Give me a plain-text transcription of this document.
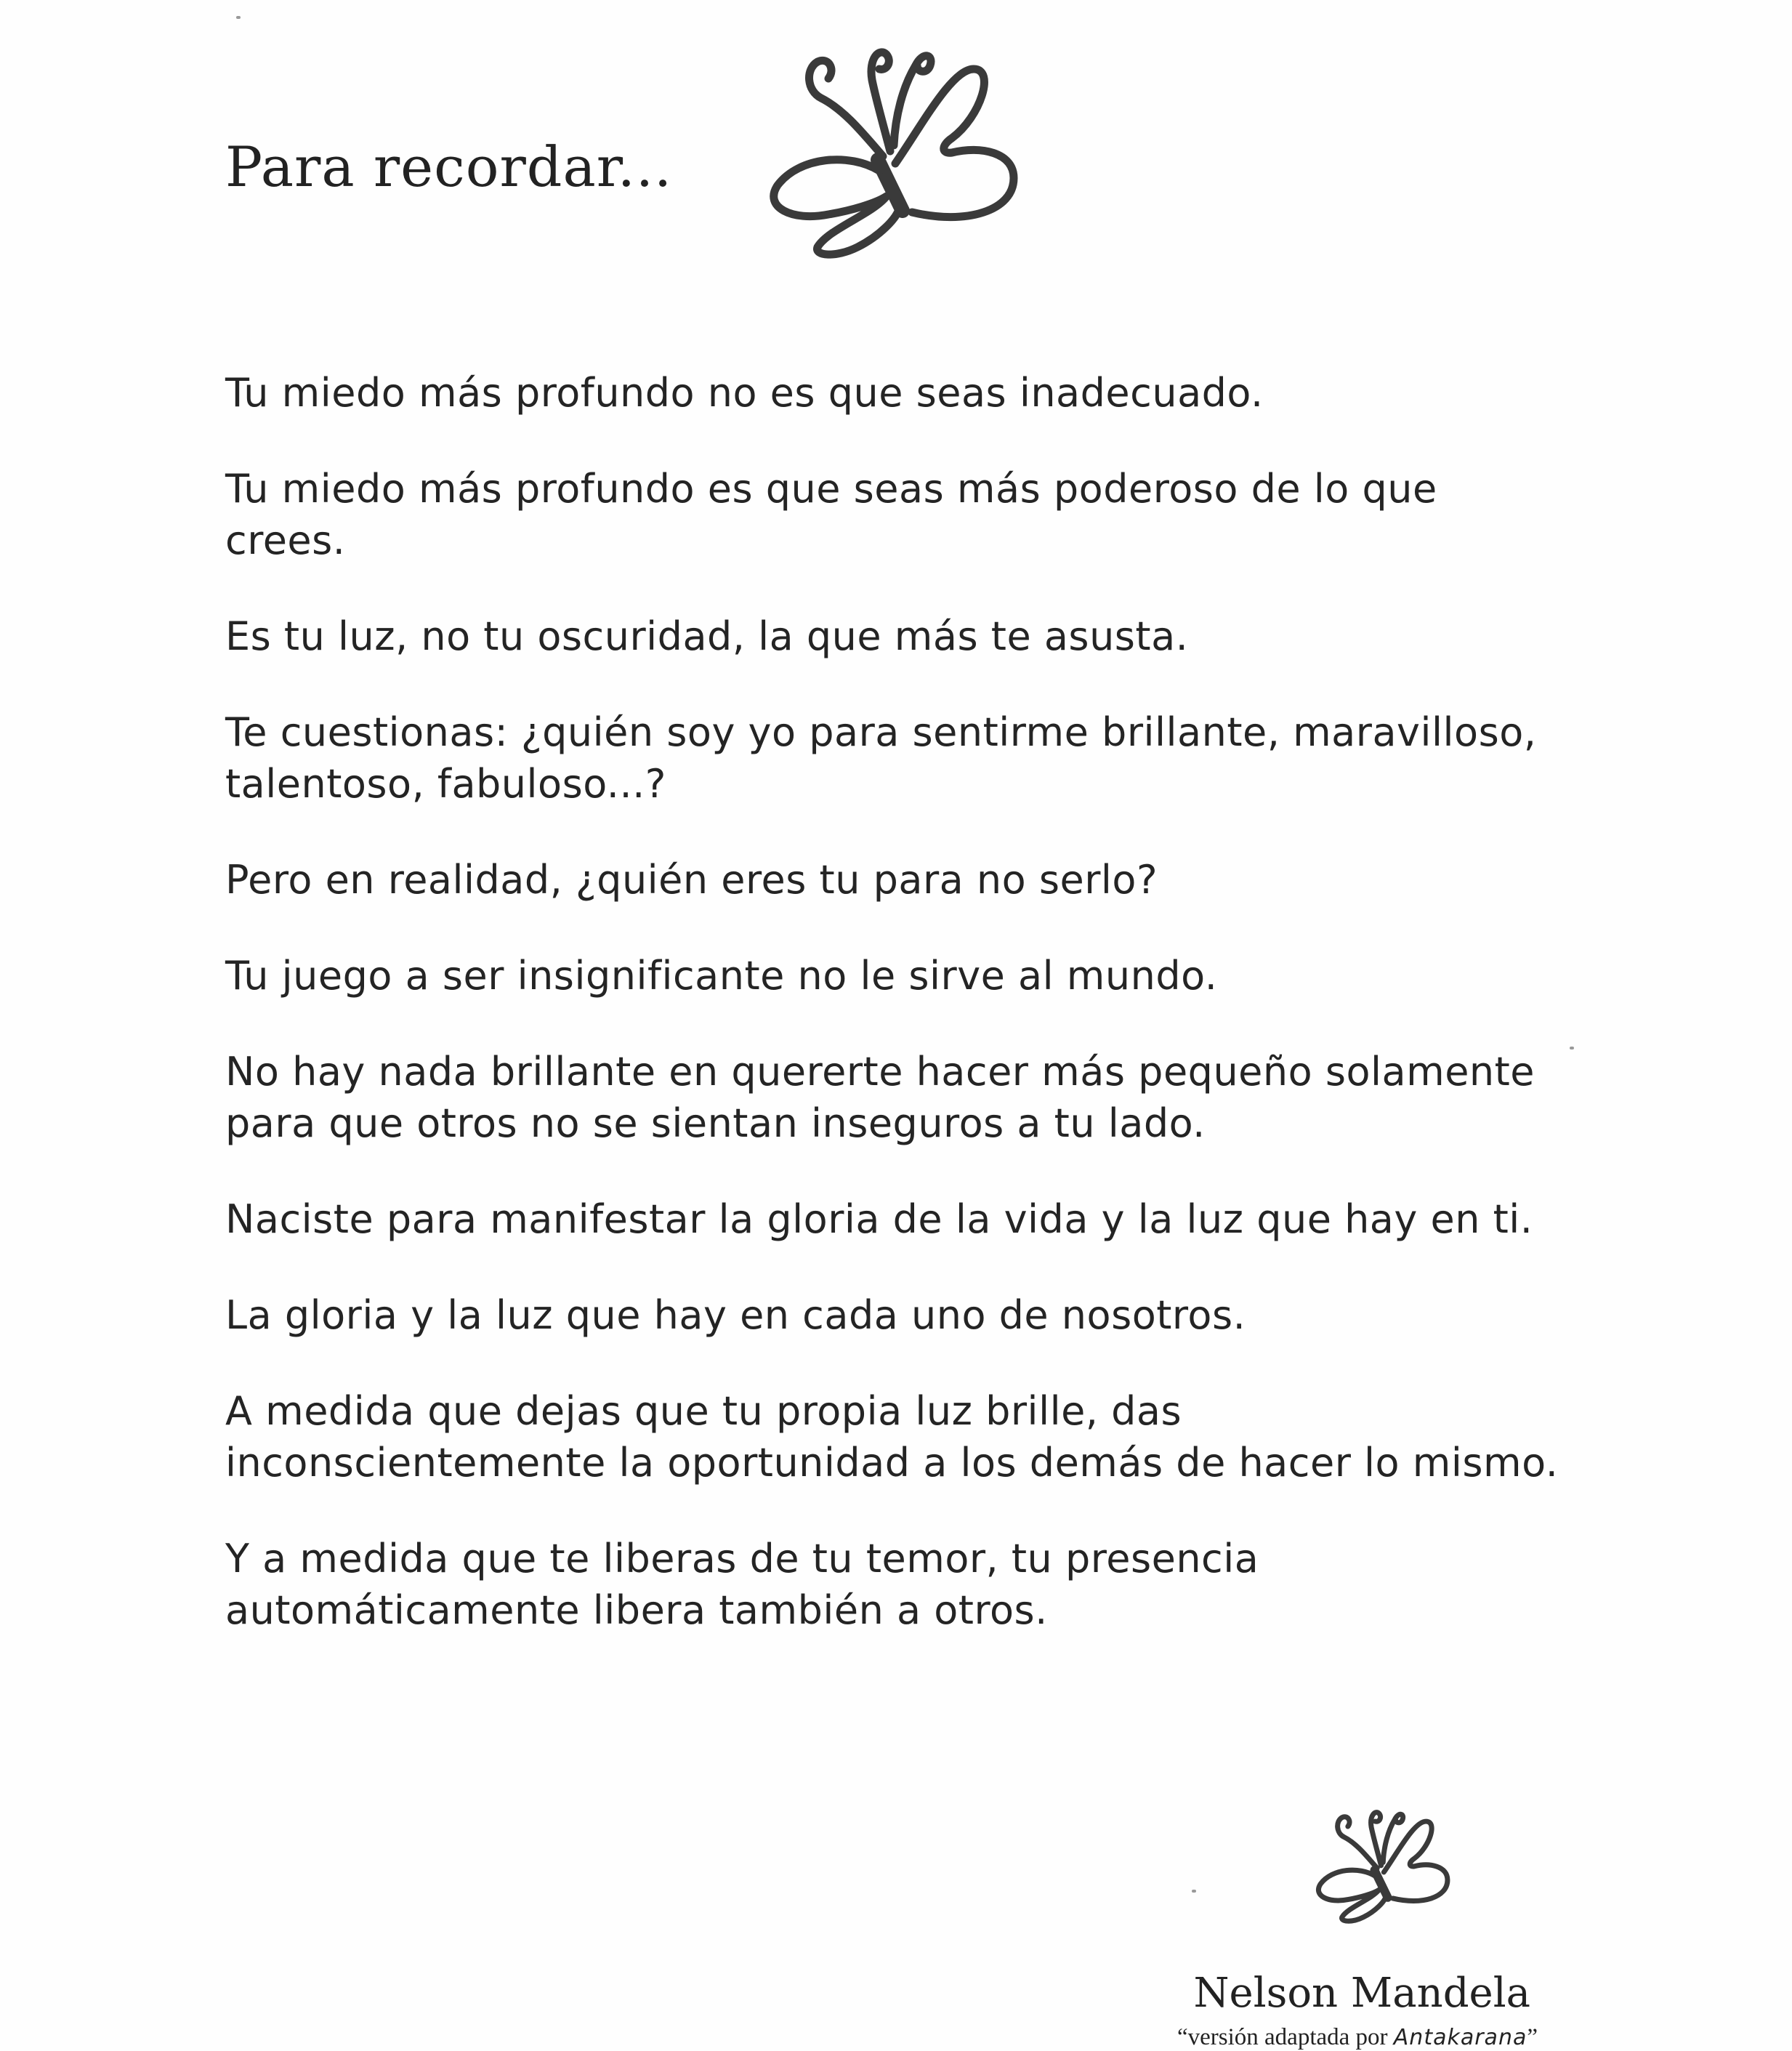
Para recordar...
Tu miedo más profundo no es que seas inadecuado.
Tu miedo más profundo es que seas más poderoso de lo que
crees.
Es tu luz, no tu oscuridad, la que más te asusta.
Te cuestionas: ¿quién soy yo para sentirme brillante, maravilloso,
talentoso, fabuloso...?
Pero en realidad, ¿quién eres tu para no serlo?
Tu juego a ser insignificante no le sirve al mundo.
No hay nada brillante en quererte hacer más pequeño solamente
para que otros no se sientan inseguros a tu lado.
Naciste para manifestar la gloria de la vida y la luz que hay en ti.
La gloria y la luz que hay en cada uno de nosotros.
A medida que dejas que tu propia luz brille, das
inconscientemente la oportunidad a los demás de hacer lo mismo.
Y a medida que te liberas de tu temor, tu presencia
automáticamente libera también a otros.
Nelson Mandela
“versión adaptada por Antakarana”
